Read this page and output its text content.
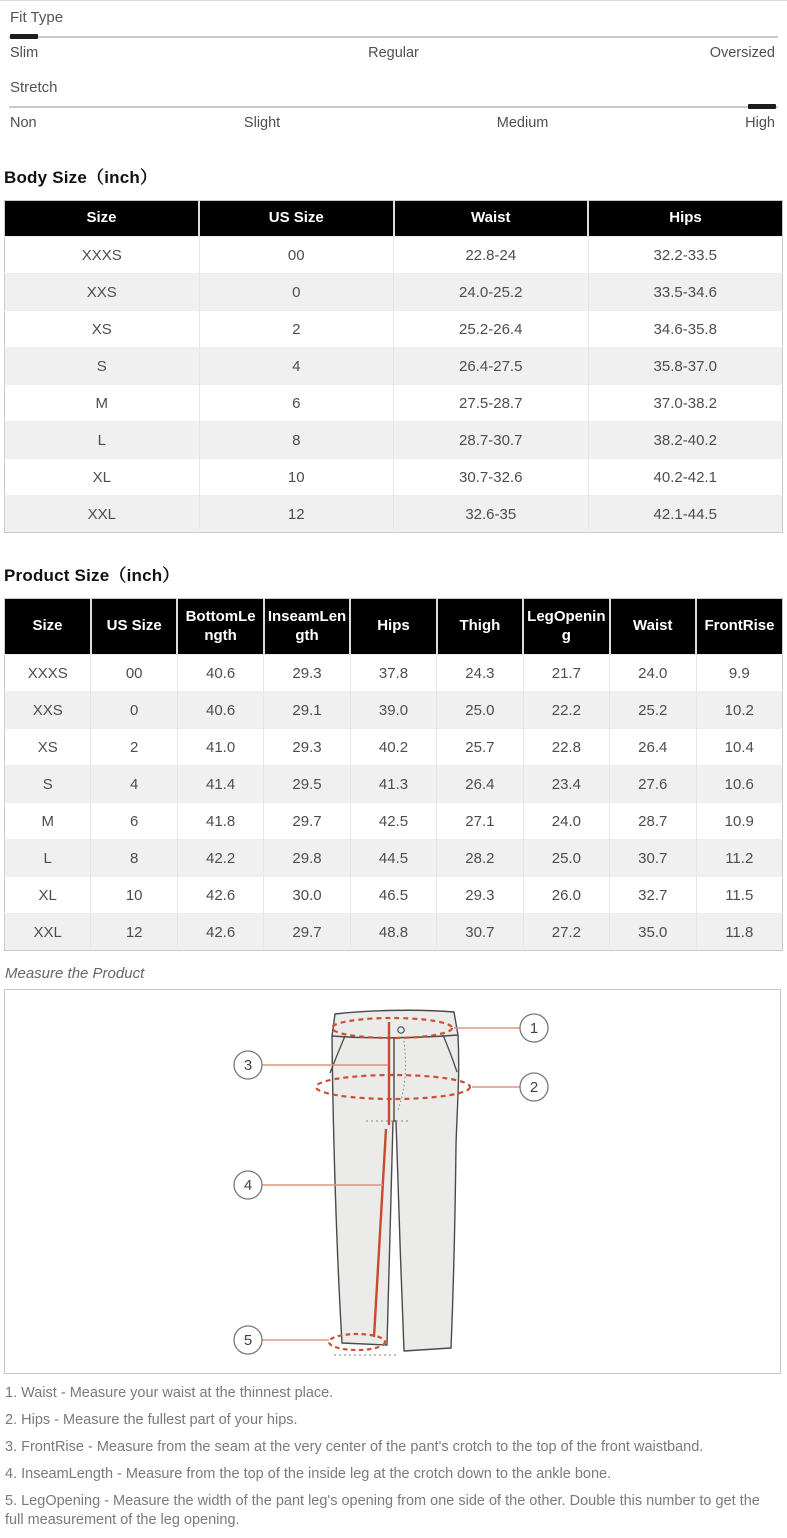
Fit Type
Slim	Regular	Oversized
Stretch
Non	Slight	Medium	High
Body Size（inch）
Size	US Size	Waist	Hips
XXXS	00	22.8-24	32.2-33.5
XXS	0	24.0-25.2	33.5-34.6
XS	2	25.2-26.4	34.6-35.8
S	4	26.4-27.5	35.8-37.0
M	6	27.5-28.7	37.0-38.2
L	8	28.7-30.7	38.2-40.2
XL	10	30.7-32.6	40.2-42.1
XXL	12	32.6-35	42.1-44.5
Product Size（inch）
Size	US Size	BottomLength	InseamLength	Hips	Thigh	LegOpening	Waist	FrontRise
XXXS	00	40.6	29.3	37.8	24.3	21.7	24.0	9.9
XXS	0	40.6	29.1	39.0	25.0	22.2	25.2	10.2
XS	2	41.0	29.3	40.2	25.7	22.8	26.4	10.4
S	4	41.4	29.5	41.3	26.4	23.4	27.6	10.6
M	6	41.8	29.7	42.5	27.1	24.0	28.7	10.9
L	8	42.2	29.8	44.5	28.2	25.0	30.7	11.2
XL	10	42.6	30.0	46.5	29.3	26.0	32.7	11.5
XXL	12	42.6	29.7	48.8	30.7	27.2	35.0	11.8
Measure the Product
1
2
3
4
5
1. Waist - Measure your waist at the thinnest place.
2. Hips - Measure the fullest part of your hips.
3. FrontRise - Measure from the seam at the very center of the pant's crotch to the top of the front waistband.
4. InseamLength - Measure from the top of the inside leg at the crotch down to the ankle bone.
5. LegOpening - Measure the width of the pant leg's opening from one side of the other. Double this number to get the full measurement of the leg opening.
